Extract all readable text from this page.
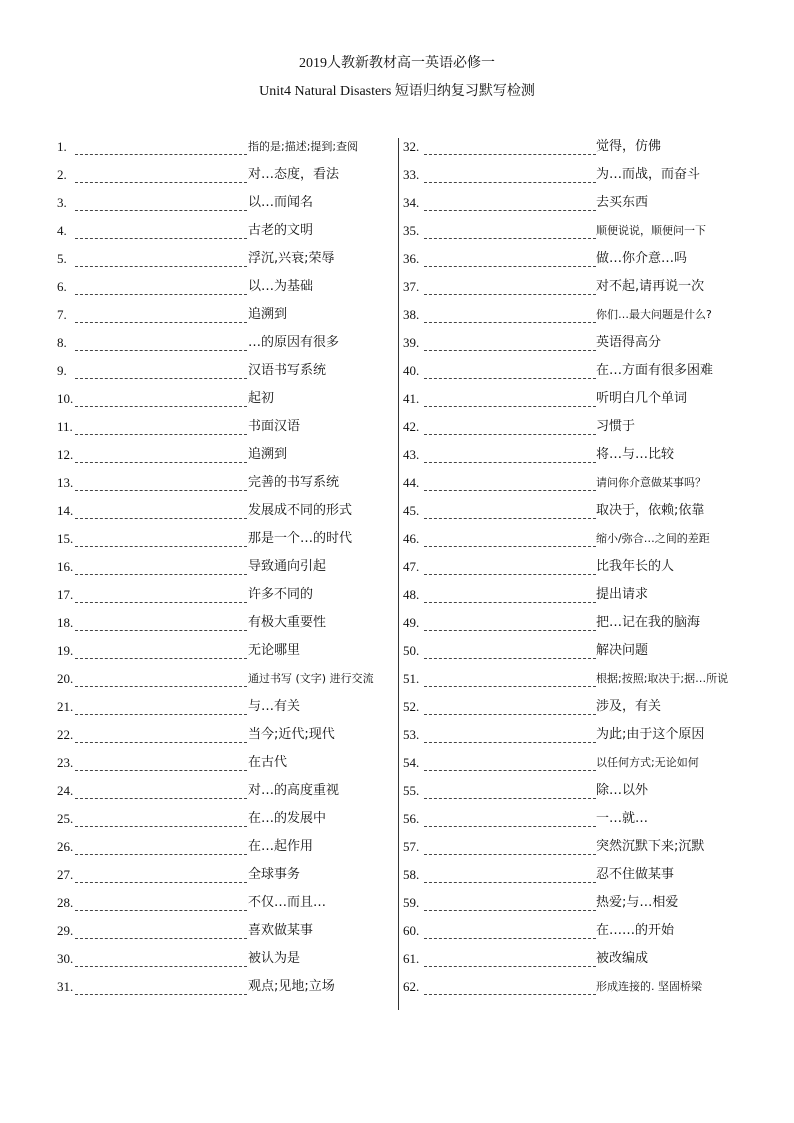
2019人教新教材高一英语必修一
Unit4 Natural Disasters 短语归纳复习默写检测
1.	指的是;描述;提到;查阅
2.	对…态度，看法
3.	以…而闻名
4.	古老的文明
5.	浮沉,兴衰;荣辱
6.	以…为基础
7.	追溯到
8.	…的原因有很多
9.	汉语书写系统
10.	起初
11.	书面汉语
12.	追溯到
13.	完善的书写系统
14.	发展成不同的形式
15.	那是一个…的时代
16.	导致通向引起
17.	许多不同的
18.	有极大重要性
19.	无论哪里
20.	通过书写 (文字) 进行交流
21.	与…有关
22.	当今;近代;现代
23.	在古代
24.	对…的高度重视
25.	在…的发展中
26.	在…起作用
27.	全球事务
28.	不仅…而且…
29.	喜欢做某事
30.	被认为是
31.	观点;见地;立场
32.	觉得，仿佛
33.	为…而战，而奋斗
34.	去买东西
35.	顺便说说，顺便问一下
36.	做…你介意…吗
37.	对不起,请再说一次
38.	你们…最大问题是什么?
39.	英语得高分
40.	在…方面有很多困难
41.	听明白几个单词
42.	习惯于
43.	将…与…比较
44.	请问你介意做某事吗？
45.	取决于，依赖;依靠
46.	缩小/弥合…之间的差距
47.	比我年长的人
48.	提出请求
49.	把…记在我的脑海
50.	解决问题
51.	根据;按照;取决于;据…所说
52.	涉及，有关
53.	为此;由于这个原因
54.	以任何方式;无论如何
55.	除…以外
56.	一…就…
57.	突然沉默下来;沉默
58.	忍不住做某事
59.	热爱;与…相爱
60.	在……的开始
61.	被改编成
62.	形成连接的. 坚固桥梁
